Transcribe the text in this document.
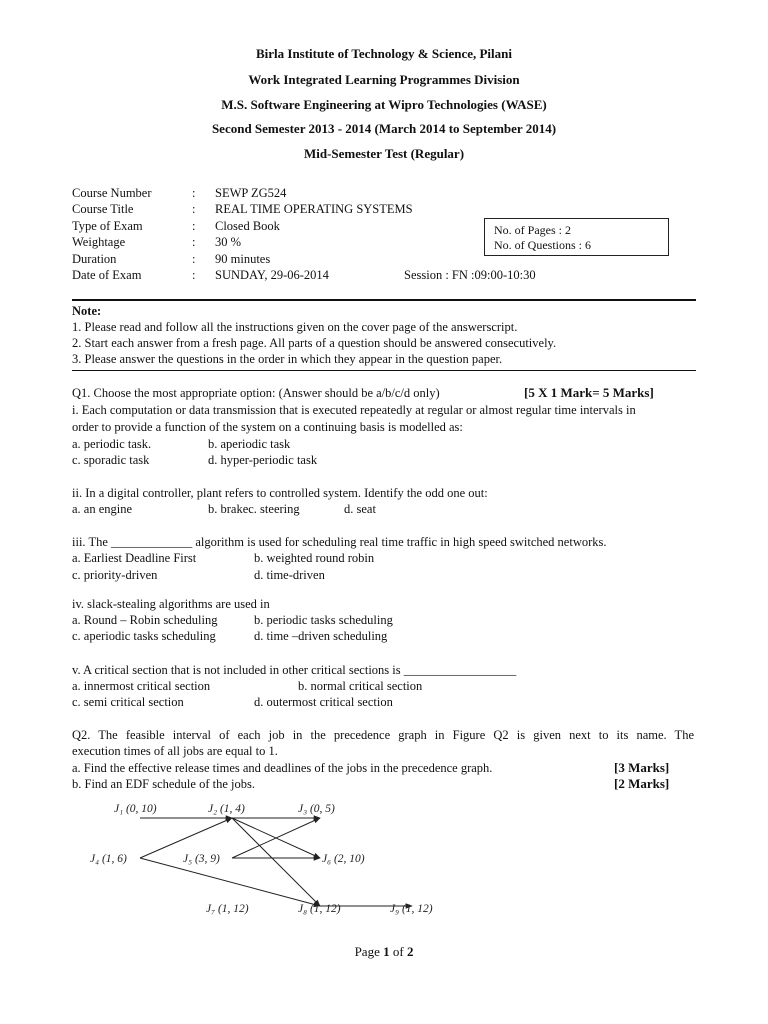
Birla Institute of Technology & Science, Pilani
Work Integrated Learning Programmes Division
M.S. Software Engineering at Wipro Technologies (WASE)
Second Semester 2013 - 2014 (March 2014 to September 2014)
Mid-Semester Test (Regular)
Course Number	: SEWP ZG524
Course Title	: REAL TIME OPERATING SYSTEMS
Type of Exam	: Closed Book
Weightage	: 30 %
Duration	: 90 minutes
Date of Exam	: SUNDAY, 29-06-2014	Session : FN :09:00-10:30
No. of Pages : 2
No. of Questions : 6
Note:
1. Please read and follow all the instructions given on the cover page of the answerscript.
2. Start each answer from a fresh page. All parts of a question should be answered consecutively.
3. Please answer the questions in the order in which they appear in the question paper.
Q1. Choose the most appropriate option: (Answer should be a/b/c/d only)	[5 X 1 Mark= 5 Marks]
i. Each computation or data transmission that is executed repeatedly at regular or almost regular time intervals in
order to provide a function of the system on a continuing basis is modelled as:
a. periodic task.	b. aperiodic task
c. sporadic task	d. hyper-periodic task
ii. In a digital controller, plant refers to controlled system. Identify the odd one out:
a. an engine	b. brakec. steering	d. seat
iii. The _____________ algorithm is used for scheduling real time traffic in high speed switched networks.
a. Earliest Deadline First	b. weighted round robin
c. priority-driven	d. time-driven
iv. slack-stealing algorithms are used in
a. Round – Robin scheduling	b. periodic tasks scheduling
c. aperiodic tasks scheduling	d. time –driven scheduling
v. A critical section that is not included in other critical sections is __________________
a. innermost critical section	b. normal critical section
c. semi critical section	d. outermost critical section
Q2. The feasible interval of each job in the precedence graph in Figure Q2 is given next to its name. The
execution times of all jobs are equal to 1.
a. Find the effective release times and deadlines of the jobs in the precedence graph.	[3 Marks]
b. Find an EDF schedule of the jobs.	[2 Marks]
J₁ (0, 10)	J₂ (1, 4)	J₃ (0, 5)
J₄ (1, 6)	J₅ (3, 9)	J₆ (2, 10)
J₇ (1, 12)	J₈ (1, 12)	J₉ (1, 12)
Page 1 of 2
